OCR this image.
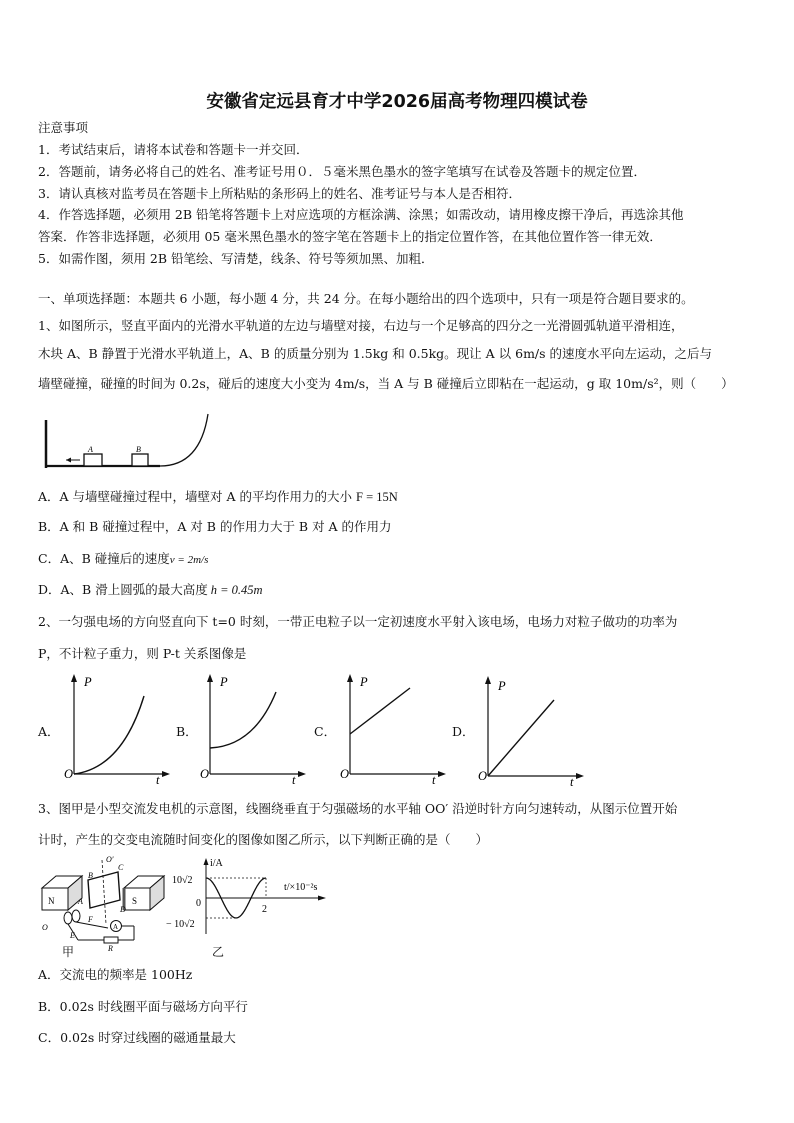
安徽省定远县育才中学2026届高考物理四模试卷
注意事项
1．考试结束后，请将本试卷和答题卡一并交回．
2．答题前，请务必将自己的姓名、准考证号用０．５毫米黑色墨水的签字笔填写在试卷及答题卡的规定位置．
3．请认真核对监考员在答题卡上所粘贴的条形码上的姓名、准考证号与本人是否相符．
4．作答选择题，必须用 2B 铅笔将答题卡上对应选项的方框涂满、涂黑；如需改动，请用橡皮擦干净后，再选涂其他
答案．作答非选择题，必须用 05 毫米黑色墨水的签字笔在答题卡上的指定位置作答，在其他位置作答一律无效．
5．如需作图，须用 2B 铅笔绘、写清楚，线条、符号等须加黑、加粗．
一、单项选择题：本题共 6 小题，每小题 4 分，共 24 分。在每小题给出的四个选项中，只有一项是符合题目要求的。
1、如图所示，竖直平面内的光滑水平轨道的左边与墙壁对接，右边与一个足够高的四分之一光滑圆弧轨道平滑相连，
木块 A、B 静置于光滑水平轨道上，A、B 的质量分别为 1.5kg 和 0.5kg。现让 A 以 6m/s 的速度水平向左运动，之后与
墙壁碰撞，碰撞的时间为 0.2s，碰后的速度大小变为 4m/s，当 A 与 B 碰撞后立即粘在一起运动，g 取 10m/s²，则（　　）
A	B
A．A 与墙壁碰撞过程中，墙壁对 A 的平均作用力的大小 F = 15N
B．A 和 B 碰撞过程中，A 对 B 的作用力大于 B 对 A 的作用力
C．A、B 碰撞后的速度v = 2m/s
D．A、B 滑上圆弧的最大高度 h = 0.45m
2、一匀强电场的方向竖直向下 t=0 时刻，一带正电粒子以一定初速度水平射入该电场，电场力对粒子做功的功率为
P，不计粒子重力，则 P-t 关系图像是
A．
P
t
O
B．
P
t
O
C．
P
t
O
D．
P
t
O
3、图甲是小型交流发电机的示意图，线圈绕垂直于匀强磁场的水平轴 OO′ 沿逆时针方向匀速转动，从图示位置开始
计时，产生的交变电流随时间变化的图像如图乙所示，以下判断正确的是（　　）
N	S
O′
B
C
A
D
F
A
E
R
O
甲
i/A
t/×10⁻²s
10√2
− 10√2
0
2
乙
A．交流电的频率是 100Hz
B．0.02s 时线圈平面与磁场方向平行
C．0.02s 时穿过线圈的磁通量最大
